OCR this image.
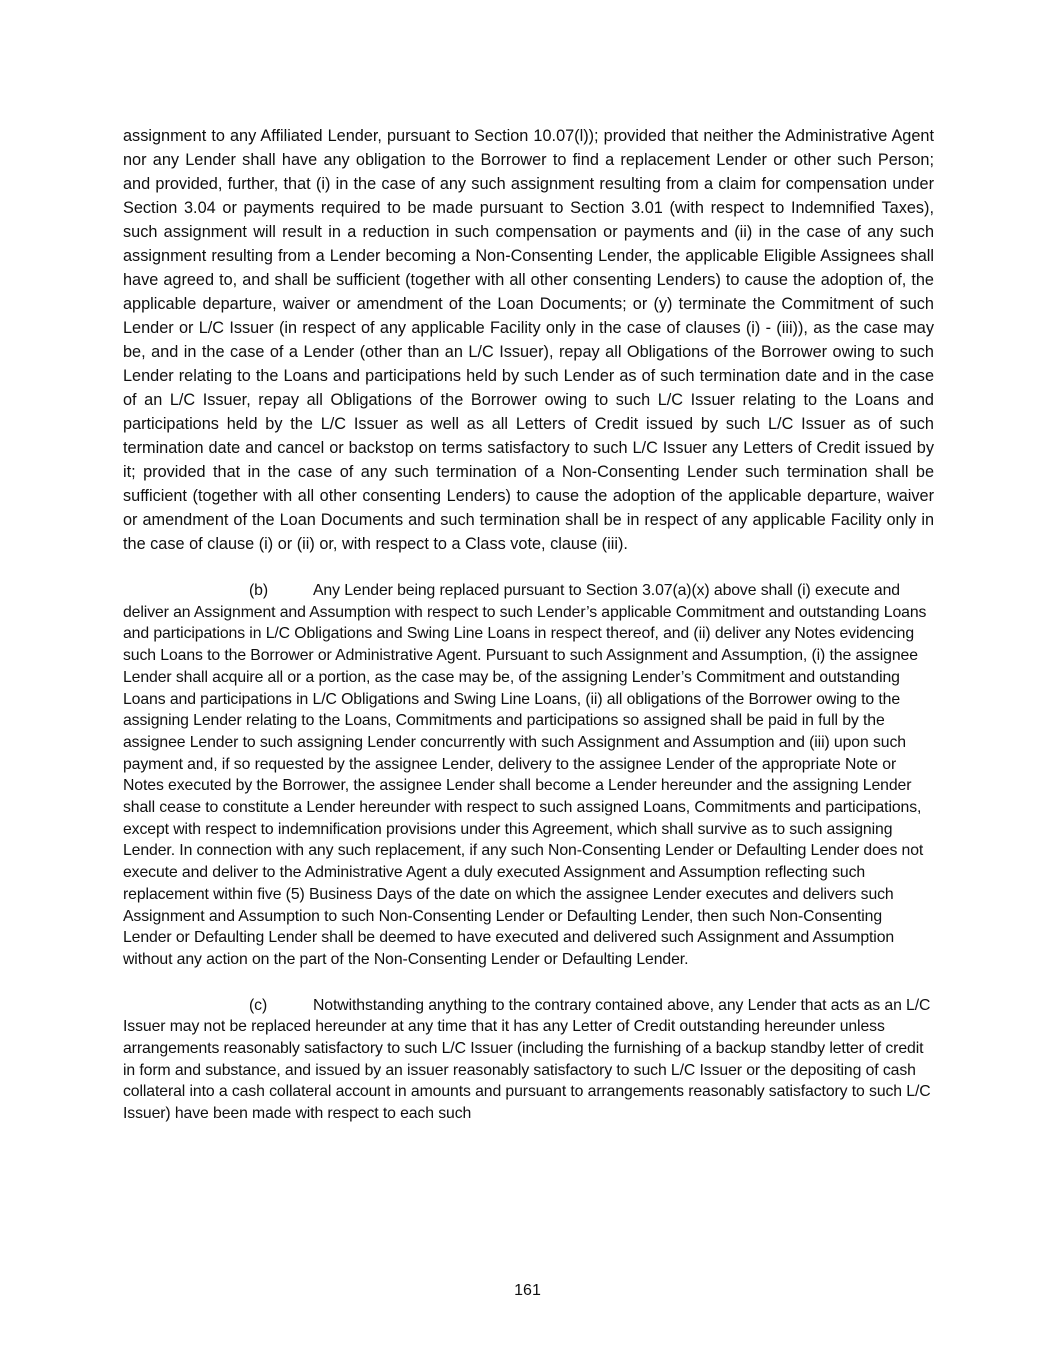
assignment to any Affiliated Lender, pursuant to Section 10.07(l)); provided that neither the Administrative Agent nor any Lender shall have any obligation to the Borrower to find a replacement Lender or other such Person; and provided, further, that (i) in the case of any such assignment resulting from a claim for compensation under Section 3.04 or payments required to be made pursuant to Section 3.01 (with respect to Indemnified Taxes), such assignment will result in a reduction in such compensation or payments and (ii) in the case of any such assignment resulting from a Lender becoming a Non-Consenting Lender, the applicable Eligible Assignees shall have agreed to, and shall be sufficient (together with all other consenting Lenders) to cause the adoption of, the applicable departure, waiver or amendment of the Loan Documents; or (y) terminate the Commitment of such Lender or L/C Issuer (in respect of any applicable Facility only in the case of clauses (i) - (iii)), as the case may be, and in the case of a Lender (other than an L/C Issuer), repay all Obligations of the Borrower owing to such Lender relating to the Loans and participations held by such Lender as of such termination date and in the case of an L/C Issuer, repay all Obligations of the Borrower owing to such L/C Issuer relating to the Loans and participations held by the L/C Issuer as well as all Letters of Credit issued by such L/C Issuer as of such termination date and cancel or backstop on terms satisfactory to such L/C Issuer any Letters of Credit issued by it; provided that in the case of any such termination of a Non-Consenting Lender such termination shall be sufficient (together with all other consenting Lenders) to cause the adoption of the applicable departure, waiver or amendment of the Loan Documents and such termination shall be in respect of any applicable Facility only in the case of clause (i) or (ii) or, with respect to a Class vote, clause (iii).

(b)	Any Lender being replaced pursuant to Section 3.07(a)(x) above shall (i) execute and deliver an Assignment and Assumption with respect to such Lender’s applicable Commitment and outstanding Loans and participations in L/C Obligations and Swing Line Loans in respect thereof, and (ii) deliver any Notes evidencing such Loans to the Borrower or Administrative Agent. Pursuant to such Assignment and Assumption, (i) the assignee Lender shall acquire all or a portion, as the case may be, of the assigning Lender’s Commitment and outstanding Loans and participations in L/C Obligations and Swing Line Loans, (ii) all obligations of the Borrower owing to the assigning Lender relating to the Loans, Commitments and participations so assigned shall be paid in full by the assignee Lender to such assigning Lender concurrently with such Assignment and Assumption and (iii) upon such payment and, if so requested by the assignee Lender, delivery to the assignee Lender of the appropriate Note or Notes executed by the Borrower, the assignee Lender shall become a Lender hereunder and the assigning Lender shall cease to constitute a Lender hereunder with respect to such assigned Loans, Commitments and participations, except with respect to indemnification provisions under this Agreement, which shall survive as to such assigning Lender. In connection with any such replacement, if any such Non-Consenting Lender or Defaulting Lender does not execute and deliver to the Administrative Agent a duly executed Assignment and Assumption reflecting such replacement within five (5) Business Days of the date on which the assignee Lender executes and delivers such Assignment and Assumption to such Non-Consenting Lender or Defaulting Lender, then such Non-Consenting Lender or Defaulting Lender shall be deemed to have executed and delivered such Assignment and Assumption without any action on the part of the Non-Consenting Lender or Defaulting Lender.

(c)	Notwithstanding anything to the contrary contained above, any Lender that acts as an L/C Issuer may not be replaced hereunder at any time that it has any Letter of Credit outstanding hereunder unless arrangements reasonably satisfactory to such L/C Issuer (including the furnishing of a backup standby letter of credit in form and substance, and issued by an issuer reasonably satisfactory to such L/C Issuer or the depositing of cash collateral into a cash collateral account in amounts and pursuant to arrangements reasonably satisfactory to such L/C Issuer) have been made with respect to each such

161
